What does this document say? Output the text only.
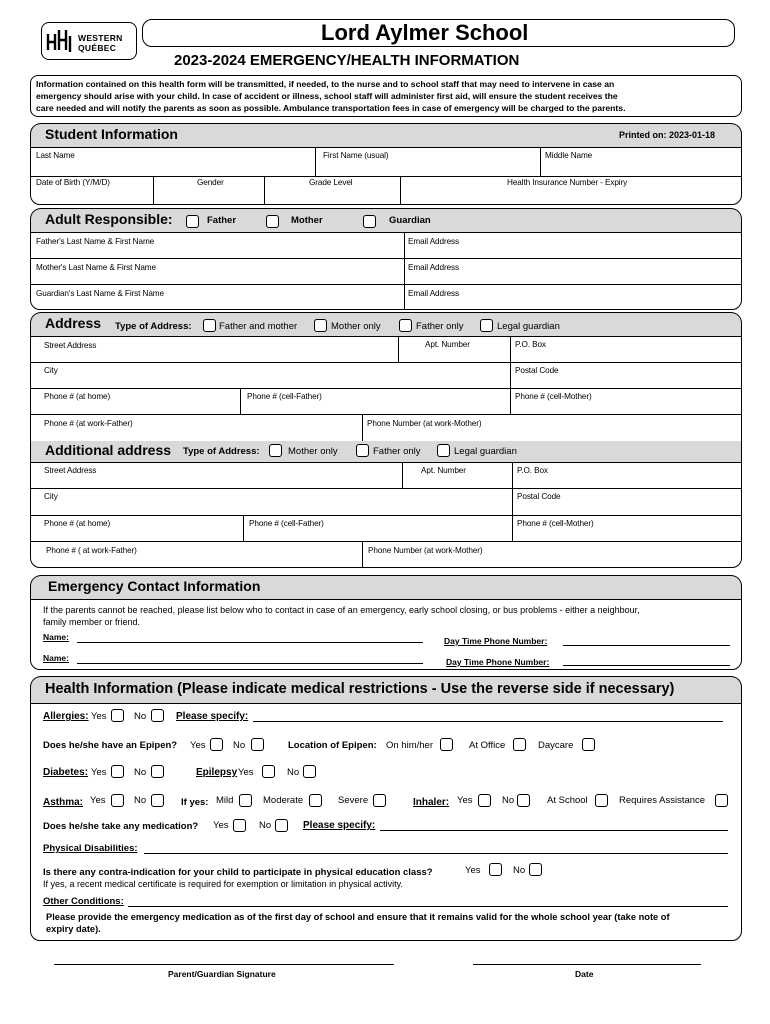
WESTERN
QUÉBEC
Lord Aylmer School
2023-2024 EMERGENCY/HEALTH INFORMATION
Information contained on this health form will be transmitted, if needed, to the nurse and to school staff that may need to intervene in case an
emergency should arise with your child. In case of accident or illness, school staff will administer first aid, will ensure the student receives the
care needed and will notify the parents as soon as possible. Ambulance transportation fees in case of emergency will be charged to the parents.
Student Information	Printed on: 2023-01-18
Last Name	First Name (usual)	Middle Name
Date of Birth (Y/M/D)	Gender	Grade Level	Health Insurance Number - Expiry
Adult Responsible:	Father	Mother	Guardian
Father's Last Name & First Name	Email Address
Mother's Last Name & First Name	Email Address
Guardian's Last Name & First Name	Email Address
Address Type of Address:	Father and mother	Mother only	Father only	Legal guardian
Street Address	Apt. Number	P.O. Box
City	Postal Code
Phone # (at home)	Phone # (cell-Father)	Phone # (cell-Mother)
Phone # (at work-Father)	Phone Number (at work-Mother)
Additional address Type of Address:	Mother only	Father only	Legal guardian
Street Address	Apt. Number	P.O. Box
City	Postal Code
Phone # (at home)	Phone # (cell-Father)	Phone # (cell-Mother)
Phone # ( at work-Father)	Phone Number (at work-Mother)
Emergency Contact Information
If the parents cannot be reached, please list below who to contact in case of an emergency, early school closing, or bus problems - either a neighbour,
family member or friend.
Name:	Day Time Phone Number:
Name:	Day Time Phone Number:
Health Information (Please indicate medical restrictions - Use the reverse side if necessary)
Allergies: Yes	No	Please specify:
Does he/she have an Epipen? Yes	No	Location of Epipen: On him/her	At Office	Daycare
Diabetes: Yes	No	Epilepsy Yes	No
Asthma: Yes	No	If yes: Mild	Moderate	Severe	Inhaler: Yes	No	At School	Requires Assistance
Does he/she take any medication? Yes	No	Please specify:
Physical Disabilities:
Is there any contra-indication for your child to participate in physical education class?	Yes	No
If yes, a recent medical certificate is required for exemption or limitation in physical activity.
Other Conditions:
Please provide the emergency medication as of the first day of school and ensure that it remains valid for the whole school year (take note of
expiry date).
Parent/Guardian Signature	Date
